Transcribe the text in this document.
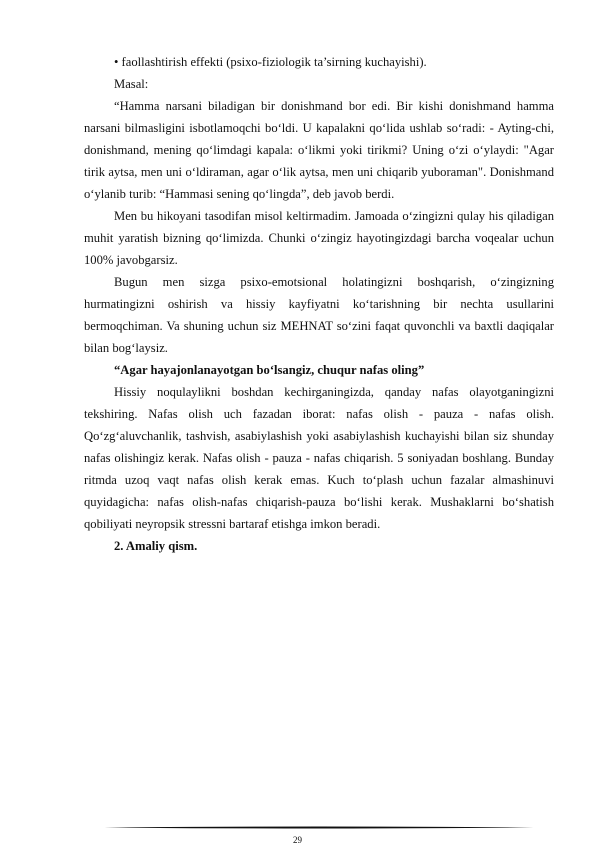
• faollashtirish effekti (psixo-fiziologik ta’sirning kuchayishi).

Masal:

“Hamma narsani biladigan bir donishmand bor edi. Bir kishi donishmand hamma narsani bilmasligini isbotlamoqchi bo‘ldi. U kapalakni qo‘lida ushlab so‘radi: - Ayting-chi, donishmand, mening qo‘limdagi kapala: o‘likmi yoki tirikmi? Uning o‘zi o‘ylaydi: "Agar tirik aytsa, men uni o‘ldiraman, agar o‘lik aytsa, men uni chiqarib yuboraman". Donishmand o‘ylanib turib: “Hammasi sening qo‘lingda”, deb javob berdi.

Men bu hikoyani tasodifan misol keltirmadim. Jamoada o‘zingizni qulay his qiladigan muhit yaratish bizning qo‘limizda. Chunki o‘zingiz hayotingizdagi barcha voqealar uchun 100% javobgarsiz.

Bugun men sizga psixo-emotsional holatingizni boshqarish, o‘zingizning hurmatingizni oshirish va hissiy kayfiyatni ko‘tarishning bir nechta usullarini bermoqchiman. Va shuning uchun siz MEHNAT so‘zini faqat quvonchli va baxtli daqiqalar bilan bog‘laysiz.

“Agar hayajonlanayotgan bo‘lsangiz, chuqur nafas oling”

Hissiy noqulaylikni boshdan kechirganingizda, qanday nafas olayotganingizni tekshiring. Nafas olish uch fazadan iborat: nafas olish - pauza - nafas olish. Qo‘zg‘aluvchanlik, tashvish, asabiylashish yoki asabiylashish kuchayishi bilan siz shunday nafas olishingiz kerak. Nafas olish - pauza - nafas chiqarish. 5 soniyadan boshlang. Bunday ritmda uzoq vaqt nafas olish kerak emas. Kuch to‘plash uchun fazalar almashinuvi quyidagicha: nafas olish-nafas chiqarish-pauza bo‘lishi kerak. Mushaklarni bo‘shatish qobiliyati neyropsik stressni bartaraf etishga imkon beradi.

2. Amaliy qism.

29
